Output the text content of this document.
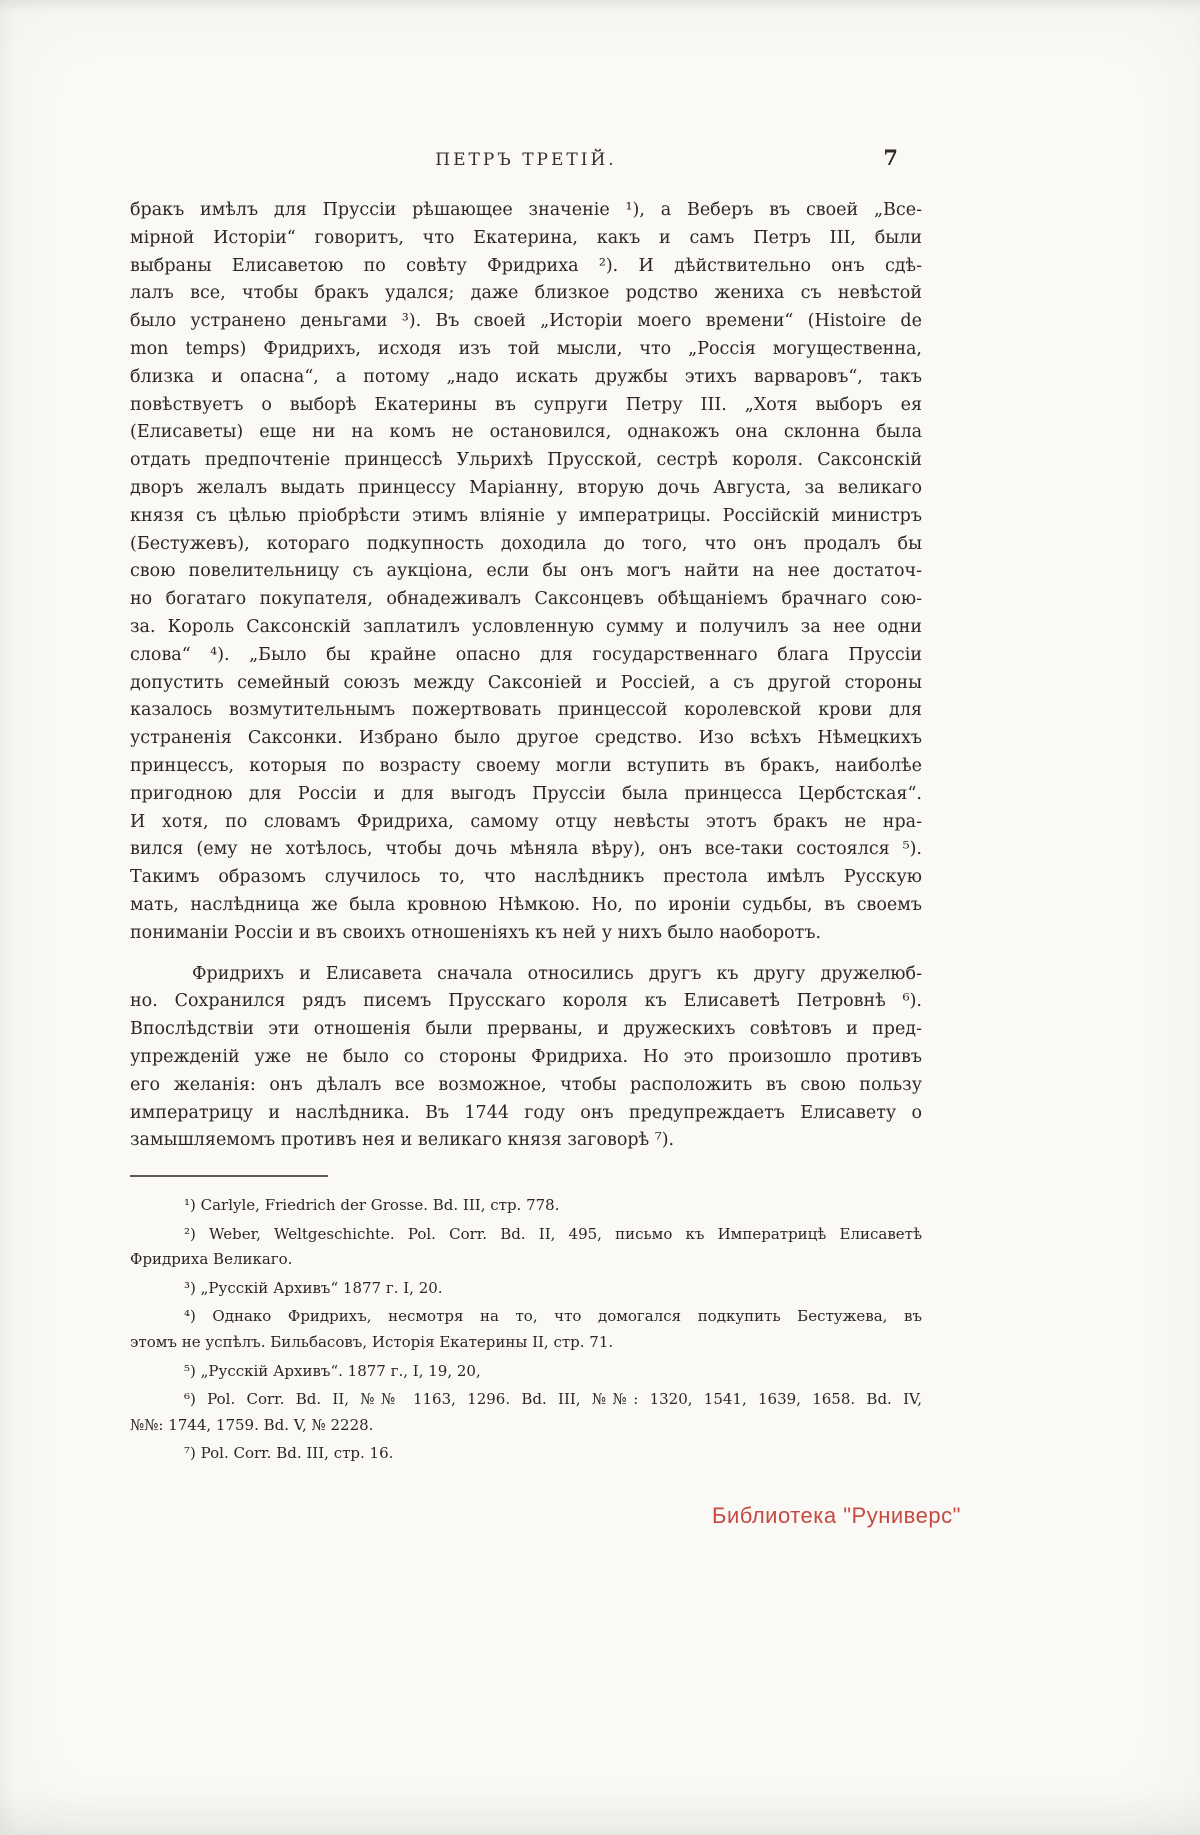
ПЕТРЪ ТРЕТІЙ.	7
бракъ имѣлъ для Пруссіи рѣшающее значеніе ¹), а Веберъ въ своей „Все-
мірной Исторіи“ говоритъ, что Екатерина, какъ и самъ Петръ III, были
выбраны Елисаветою по совѣту Фридриха ²). И дѣйствительно онъ сдѣ-
лалъ все, чтобы бракъ удался; даже близкое родство жениха съ невѣстой
было устранено деньгами ³). Въ своей „Исторіи моего времени“ (Histoire de
mon temps) Фридрихъ, исходя изъ той мысли, что „Россія могущественна,
близка и опасна“, а потому „надо искать дружбы этихъ варваровъ“, такъ
повѣствуетъ о выборѣ Екатерины въ супруги Петру III. „Хотя выборъ ея
(Елисаветы) еще ни на комъ не остановился, однакожъ она склонна была
отдать предпочтеніе принцессѣ Ульрихѣ Прусской, сестрѣ короля. Саксонскій
дворъ желалъ выдать принцессу Маріанну, вторую дочь Августа, за великаго
князя съ цѣлью пріобрѣсти этимъ вліяніе у императрицы. Россійскій министръ
(Бестужевъ), котораго подкупность доходила до того, что онъ продалъ бы
свою повелительницу съ аукціона, если бы онъ могъ найти на нее достаточ-
но богатаго покупателя, обнадеживалъ Саксонцевъ обѣщаніемъ брачнаго сою-
за. Король Саксонскій заплатилъ условленную сумму и получилъ за нее одни
слова“ ⁴). „Было бы крайне опасно для государственнаго блага Пруссіи
допустить семейный союзъ между Саксоніей и Россіей, а съ другой стороны
казалось возмутительнымъ пожертвовать принцессой королевской крови для
устраненія Саксонки. Избрано было другое средство. Изо всѣхъ Нѣмецкихъ
принцессъ, которыя по возрасту своему могли вступить въ бракъ, наиболѣе
пригодною для Россіи и для выгодъ Пруссіи была принцесса Цербстская“.
И хотя, по словамъ Фридриха, самому отцу невѣсты этотъ бракъ не нра-
вился (ему не хотѣлось, чтобы дочь мѣняла вѣру), онъ все-таки состоялся ⁵).
Такимъ образомъ случилось то, что наслѣдникъ престола имѣлъ Русскую
мать, наслѣдница же была кровною Нѣмкою. Но, по ироніи судьбы, въ своемъ
пониманіи Россіи и въ своихъ отношеніяхъ къ ней у нихъ было наоборотъ.
Фридрихъ и Елисавета сначала относились другъ къ другу дружелюб-
но. Сохранился рядъ писемъ Прусскаго короля къ Елисаветѣ Петровнѣ ⁶).
Впослѣдствіи эти отношенія были прерваны, и дружескихъ совѣтовъ и пред-
упрежденій уже не было со стороны Фридриха. Но это произошло противъ
его желанія: онъ дѣлалъ все возможное, чтобы расположить въ свою пользу
императрицу и наслѣдника. Въ 1744 году онъ предупреждаетъ Елисавету о
замышляемомъ противъ нея и великаго князя заговорѣ ⁷).
¹) Carlyle, Friedrich der Grosse. Bd. III, стр. 778.
²) Weber, Weltgeschichte. Pol. Corr. Bd. II, 495, письмо къ Императрицѣ Елисаветѣ
Фридриха Великаго.
³) „Русскій Архивъ“ 1877 г. I, 20.
⁴) Однако Фридрихъ, несмотря на то, что домогался подкупить Бестужева, въ
этомъ не успѣлъ. Бильбасовъ, Исторія Екатерины II, стр. 71.
⁵) „Русскій Архивъ“. 1877 г., I, 19, 20,
⁶) Pol. Corr. Bd. II, №№ 1163, 1296. Bd. III, №№: 1320, 1541, 1639, 1658. Bd. IV,
№№: 1744, 1759. Bd. V, № 2228.
⁷) Pol. Corr. Bd. III, стр. 16.
Библиотека "Руниверс"
